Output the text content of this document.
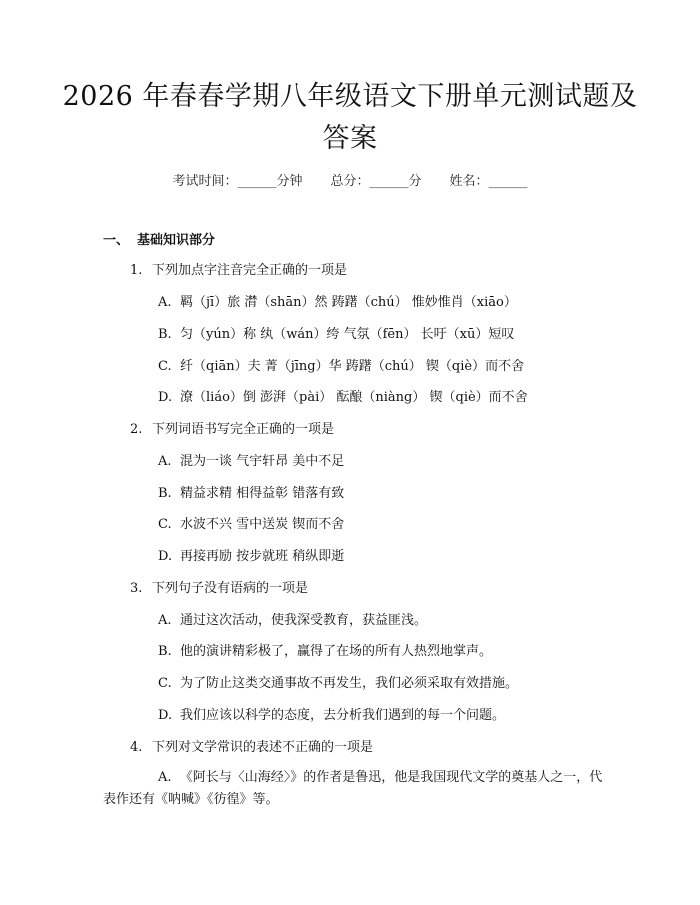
2026 年春春学期八年级语文下册单元测试题及答案
考试时间：______分钟 总分：______分 姓名：______
一、 基础知识部分
1. 下列加点字注音完全正确的一项是
A. 羁（jī）旅 潸（shān）然 踌躇（chú） 惟妙惟肖（xiāo）
B. 匀（yún）称 纨（wán）绔 气氛（fēn） 长吁（xū）短叹
C. 纤（qiān）夫 菁（jīng）华 踌躇（chú） 锲（qiè）而不舍
D. 潦（liáo）倒 澎湃（pài） 酝酿（niàng） 锲（qiè）而不舍
2. 下列词语书写完全正确的一项是
A. 混为一谈 气宇轩昂 美中不足
B. 精益求精 相得益彰 错落有致
C. 水波不兴 雪中送炭 锲而不舍
D. 再接再励 按步就班 稍纵即逝
3. 下列句子没有语病的一项是
A. 通过这次活动，使我深受教育，获益匪浅。
B. 他的演讲精彩极了，赢得了在场的所有人热烈地掌声。
C. 为了防止这类交通事故不再发生，我们必须采取有效措施。
D. 我们应该以科学的态度，去分析我们遇到的每一个问题。
4. 下列对文学常识的表述不正确的一项是
A. 《阿长与〈山海经〉》的作者是鲁迅，他是我国现代文学的奠基人之一，代表作还有《呐喊》《彷徨》等。
